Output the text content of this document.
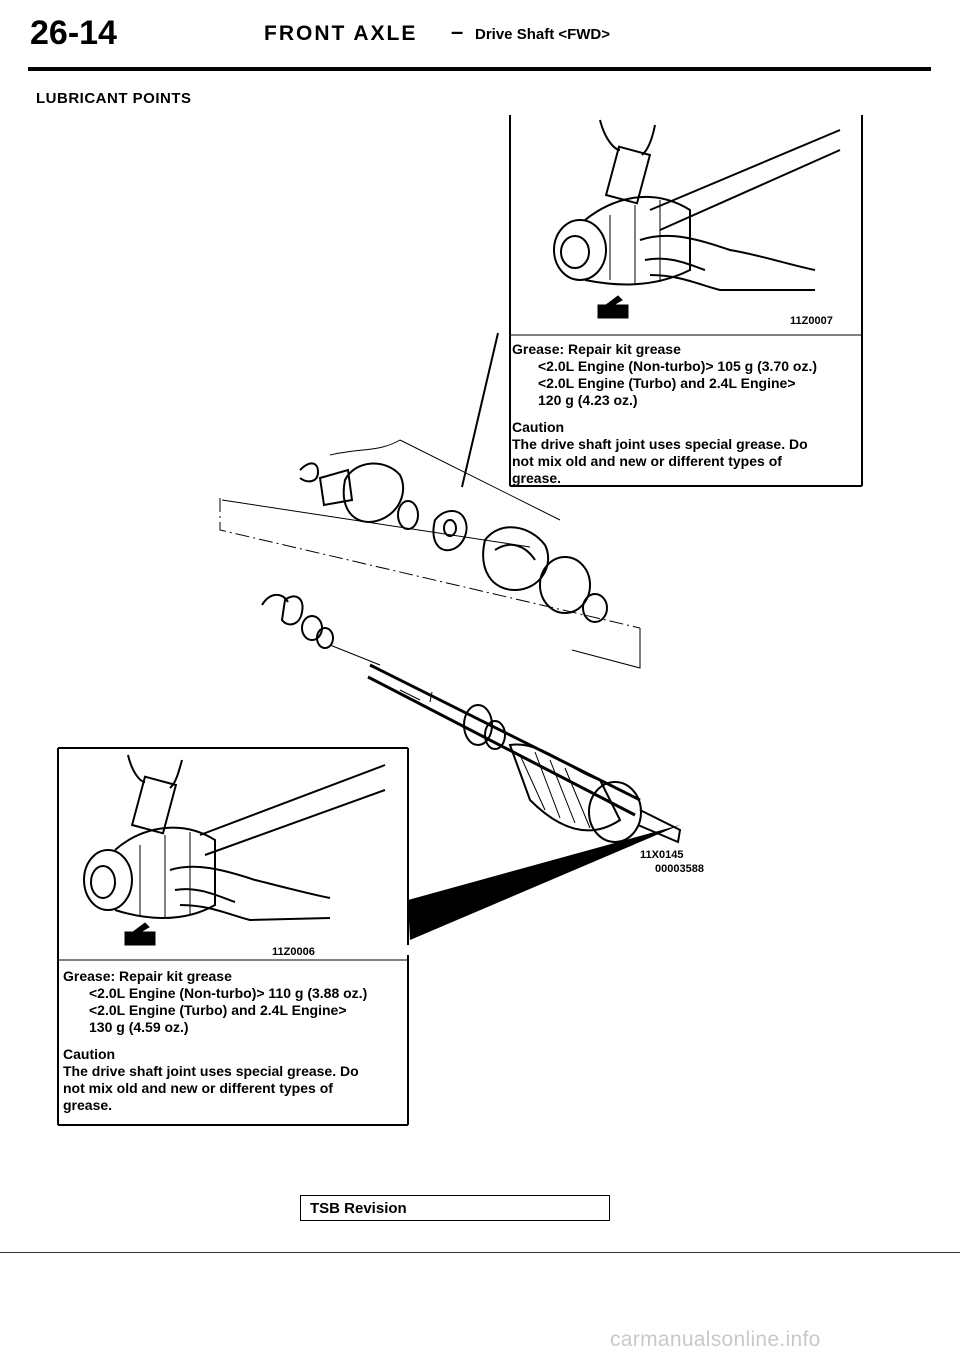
26-14	FRONT AXLE – Drive Shaft <FWD>
LUBRICANT POINTS
11Z0007
11X0145
00003588
11Z0006
Grease: Repair kit grease
<2.0L Engine (Non-turbo)> 105 g (3.70 oz.)
<2.0L Engine (Turbo) and 2.4L Engine>
120 g (4.23 oz.)
Caution
The drive shaft joint uses special grease. Do
not mix old and new or different types of
grease.
Grease: Repair kit grease
<2.0L Engine (Non-turbo)> 110 g (3.88 oz.)
<2.0L Engine (Turbo) and 2.4L Engine>
130 g (4.59 oz.)
Caution
The drive shaft joint uses special grease. Do
not mix old and new or different types of
grease.
TSB Revision
carmanualsonline.info
